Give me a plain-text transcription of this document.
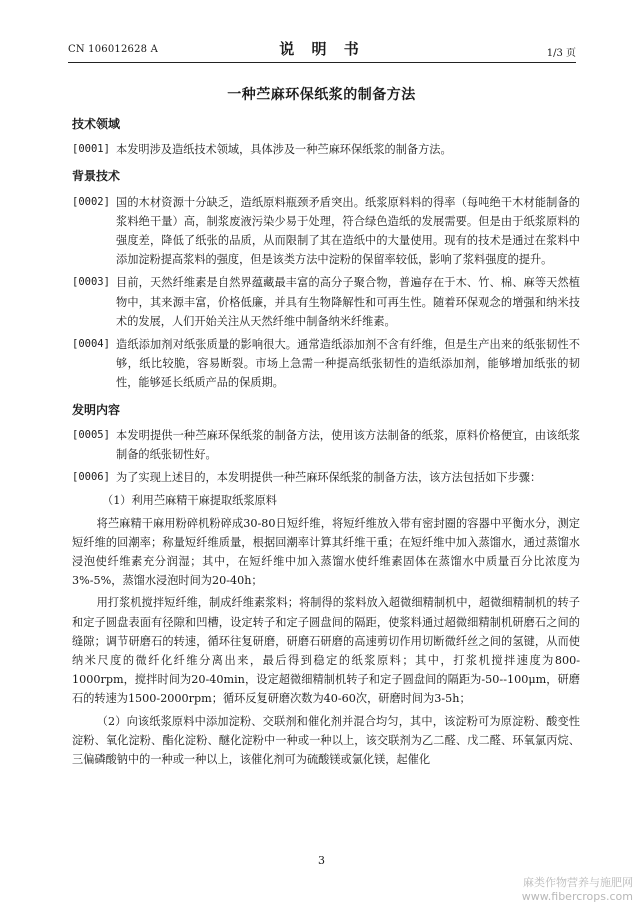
CN 106012628 A	说 明 书	1/3 页
一种苎麻环保纸浆的制备方法
技术领域
[0001] 本发明涉及造纸技术领域，具体涉及一种苎麻环保纸浆的制备方法。
背景技术
[0002] 国的木材资源十分缺乏，造纸原料瓶颈矛盾突出。纸浆原料料的得率（每吨绝干木材能制备的浆料绝干量）高，制浆废液污染少易于处理，符合绿色造纸的发展需要。但是由于纸浆原料的强度差，降低了纸张的品质，从而限制了其在造纸中的大量使用。现有的技术是通过在浆料中添加淀粉提高浆料的强度，但是该类方法中淀粉的保留率较低，影响了浆料强度的提升。
[0003] 目前，天然纤维素是自然界蕴藏最丰富的高分子聚合物，普遍存在于木、竹、棉、麻等天然植物中，其来源丰富，价格低廉，并具有生物降解性和可再生性。随着环保观念的增强和纳米技术的发展，人们开始关注从天然纤维中制备纳米纤维素。
[0004] 造纸添加剂对纸张质量的影响很大。通常造纸添加剂不含有纤维，但是生产出来的纸张韧性不够，纸比较脆，容易断裂。市场上急需一种提高纸张韧性的造纸添加剂，能够增加纸张的韧性，能够延长纸质产品的保质期。
发明内容
[0005] 本发明提供一种苎麻环保纸浆的制备方法，使用该方法制备的纸浆，原料价格便宜，由该纸浆制备的纸张韧性好。
[0006] 为了实现上述目的，本发明提供一种苎麻环保纸浆的制备方法，该方法包括如下步骤：
（1）利用苎麻精干麻提取纸浆原料
将苎麻精干麻用粉碎机粉碎成30-80日短纤维，将短纤维放入带有密封圈的容器中平衡水分，测定短纤维的回潮率；称量短纤维质量，根据回潮率计算其纤维干重；在短纤维中加入蒸馏水，通过蒸馏水浸泡使纤维素充分润湿；其中，在短纤维中加入蒸馏水使纤维素固体在蒸馏水中质量百分比浓度为3%-5%，蒸馏水浸泡时间为20-40h；
用打浆机搅拌短纤维，制成纤维素浆料；将制得的浆料放入超微细精制机中，超微细精制机的转子和定子圆盘表面有径隙和凹槽，设定转子和定子圆盘间的隔距，使浆料通过超微细精制机研磨石之间的缝隙；调节研磨石的转速，循环往复研磨，研磨石研磨的高速剪切作用切断微纤丝之间的氢键，从而使纳米尺度的微纤化纤维分离出来，最后得到稳定的纸浆原料；其中，打浆机搅拌速度为800-1000rpm，搅拌时间为20-40min，设定超微细精制机转子和定子圆盘间的隔距为-50--100μm，研磨石的转速为1500-2000rpm；循环反复研磨次数为40-60次，研磨时间为3-5h；
（2）向该纸浆原料中添加淀粉、交联剂和催化剂并混合均匀，其中，该淀粉可为原淀粉、酸变性淀粉、氧化淀粉、酯化淀粉、醚化淀粉中一种或一种以上，该交联剂为乙二醛、戊二醛、环氧氯丙烷、三偏磷酸钠中的一种或一种以上，该催化剂可为硫酸镁或氯化镁，起催化
3
麻类作物营养与施肥网
www.fibercrops.com
